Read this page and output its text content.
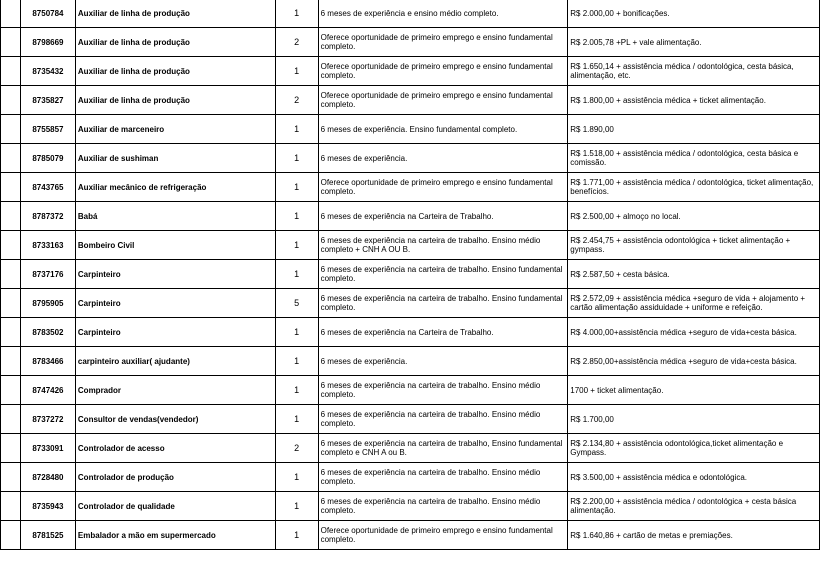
	8750784	Auxiliar de linha de produção	1	6 meses de experiência e ensino médio completo.	R$ 2.000,00 + bonificações.
	8798669	Auxiliar de linha de produção	2	Oferece oportunidade de primeiro emprego e ensino fundamental completo.	R$ 2.005,78 +PL + vale alimentação.
	8735432	Auxiliar de linha de produção	1	Oferece oportunidade de primeiro emprego e ensino fundamental completo.	R$ 1.650,14 + assistência médica / odontológica, cesta básica, alimentação, etc.
	8735827	Auxiliar de linha de produção	2	Oferece oportunidade de primeiro emprego e ensino fundamental completo.	R$ 1.800,00 + assistência médica + ticket alimentação.
	8755857	Auxiliar de marceneiro	1	6 meses de experiência. Ensino fundamental completo.	R$ 1.890,00
	8785079	Auxiliar de sushiman	1	6 meses de experiência.	R$ 1.518,00 + assistência médica / odontológica, cesta básica e comissão.
	8743765	Auxiliar mecânico de refrigeração	1	Oferece oportunidade de primeiro emprego e ensino fundamental completo.	R$ 1.771,00 + assistência médica / odontológica, ticket alimentação, benefícios.
	8787372	Babá	1	6 meses de experiência na Carteira de Trabalho.	R$ 2.500,00 + almoço no local.
	8733163	Bombeiro Civil	1	6 meses de experiência na carteira de trabalho. Ensino médio completo + CNH A OU B.	R$ 2.454,75 + assistência odontológica + ticket alimentação + gympass.
	8737176	Carpinteiro	1	6 meses de experiência na carteira de trabalho. Ensino fundamental completo.	R$ 2.587,50 + cesta básica.
	8795905	Carpinteiro	5	6 meses de experiência na carteira de trabalho. Ensino fundamental completo.	R$ 2.572,09 + assistência médica +seguro de vida + alojamento + cartão alimentação assiduidade + uniforme e refeição.
	8783502	Carpinteiro	1	6 meses de experiência na Carteira de Trabalho.	R$ 4.000,00+assistência médica +seguro de vida+cesta básica.
	8783466	carpinteiro auxiliar( ajudante)	1	6 meses de experiência.	R$ 2.850,00+assistência médica +seguro de vida+cesta básica.
	8747426	Comprador	1	6 meses de experiência na carteira de trabalho. Ensino médio completo.	1700 + ticket alimentação.
	8737272	Consultor de vendas(vendedor)	1	6 meses de experiência na carteira de trabalho. Ensino médio completo.	R$ 1.700,00
	8733091	Controlador de acesso	2	6 meses de experiência na carteira de trabalho, Ensino fundamental completo e CNH A ou B.	R$ 2.134,80 + assistência odontológica,ticket alimentação e Gympass.
	8728480	Controlador de produção	1	6 meses de experiência na carteira de trabalho. Ensino médio completo.	R$ 3.500,00 + assistência médica e odontológica.
	8735943	Controlador de qualidade	1	6 meses de experiência na carteira de trabalho. Ensino médio completo.	R$ 2.200,00 + assistência médica / odontológica + cesta básica alimentação.
	8781525	Embalador a mão em supermercado	1	Oferece oportunidade de primeiro emprego e ensino fundamental completo.	R$ 1.640,86 + cartão de metas e premiações.
